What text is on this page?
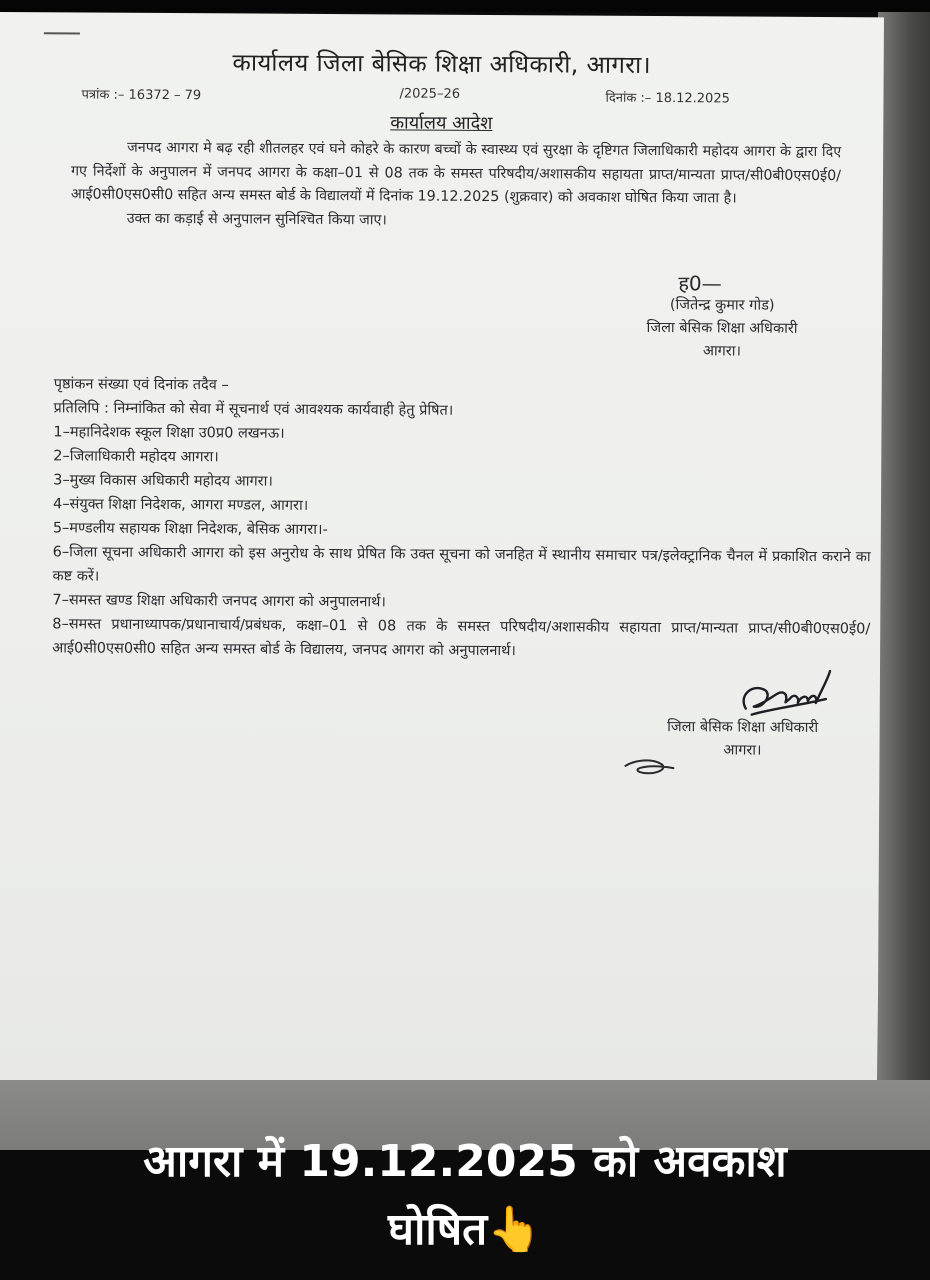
कार्यालय जिला बेसिक शिक्षा अधिकारी, आगरा।
पत्रांक :– 16372 – 79	/2025–26	दिनांक :– 18.12.2025
कार्यालय आदेश

जनपद आगरा मे बढ़ रही शीतलहर एवं घने कोहरे के कारण बच्चों के स्वास्थ्य एवं सुरक्षा के दृष्टिगत जिलाधिकारी महोदय आगरा के द्वारा दिए गए निर्देशों के अनुपालन में जनपद आगरा के कक्षा–01 से 08 तक के समस्त परिषदीय/अशासकीय सहायता प्राप्त/मान्यता प्राप्त/सी0बी0एस0ई0/आई0सी0एस0सी0 सहित अन्य समस्त बोर्ड के विद्यालयों में दिनांक 19.12.2025 (शुक्रवार) को अवकाश घोषित किया जाता है।

उक्त का कड़ाई से अनुपालन सुनिश्चित किया जाए।

ह0—
(जितेन्द्र कुमार गोड)
जिला बेसिक शिक्षा अधिकारी
आगरा।
पृष्ठांकन संख्या एवं दिनांक तदैव –
प्रतिलिपि : निम्नांकित को सेवा में सूचनार्थ एवं आवश्यक कार्यवाही हेतु प्रेषित।
1–महानिदेशक स्कूल शिक्षा उ0प्र0 लखनऊ।
2–जिलाधिकारी महोदय आगरा।
3–मुख्य विकास अधिकारी महोदय आगरा।
4–संयुक्त शिक्षा निदेशक, आगरा मण्डल, आगरा।
5–मण्डलीय सहायक शिक्षा निदेशक, बेसिक आगरा।-
6–जिला सूचना अधिकारी आगरा को इस अनुरोध के साथ प्रेषित कि उक्त सूचना को जनहित में स्थानीय समाचार पत्र/इलेक्ट्रानिक चैनल में प्रकाशित कराने का कष्ट करें।
7–समस्त खण्ड शिक्षा अधिकारी जनपद आगरा को अनुपालनार्थ।
8–समस्त प्रधानाध्यापक/प्रधानाचार्य/प्रबंधक, कक्षा–01 से 08 तक के समस्त परिषदीय/अशासकीय सहायता प्राप्त/मान्यता प्राप्त/सी0बी0एस0ई0/ आई0सी0एस0सी0 सहित अन्य समस्त बोर्ड के विद्यालय, जनपद आगरा को अनुपालनार्थ।
जिला बेसिक शिक्षा अधिकारी
आगरा।
आगरा में 19.12.2025 को अवकाश
घोषित👆
